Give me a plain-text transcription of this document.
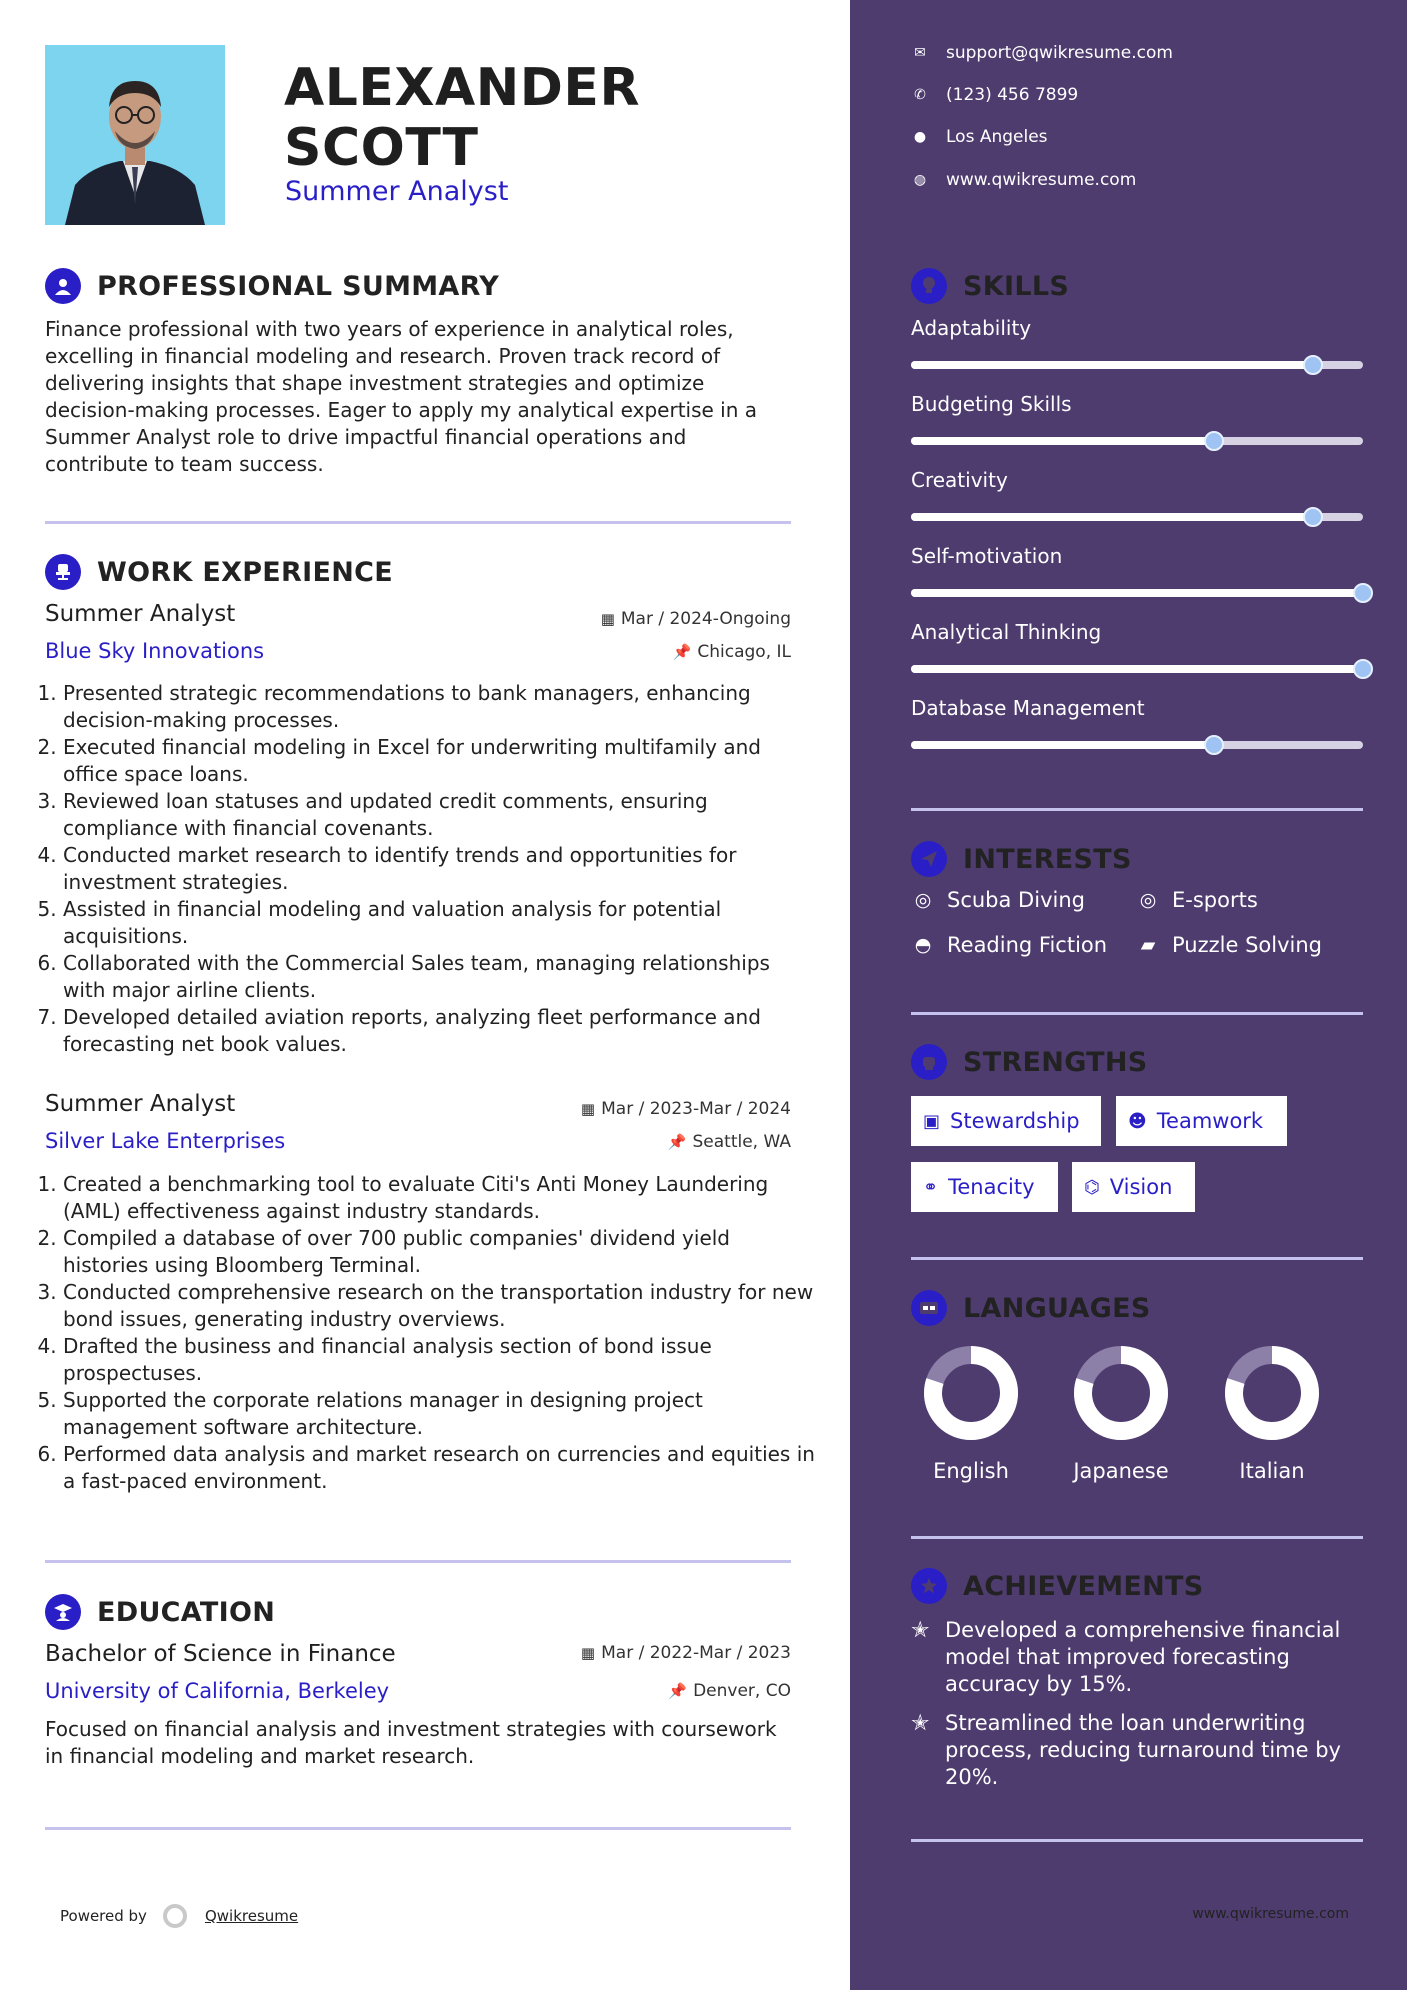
ALEXANDER
SCOTT
Summer Analyst
PROFESSIONAL SUMMARY
Finance professional with two years of experience in analytical roles, excelling in financial modeling and research. Proven track record of delivering insights that shape investment strategies and optimize decision-making processes. Eager to apply my analytical expertise in a Summer Analyst role to drive impactful financial operations and contribute to team success.
WORK EXPERIENCE
Summer Analyst	▦ Mar / 2024-Ongoing
Blue Sky Innovations	📌 Chicago, IL
1. Presented strategic recommendations to bank managers, enhancing decision-making processes.
2. Executed financial modeling in Excel for underwriting multifamily and office space loans.
3. Reviewed loan statuses and updated credit comments, ensuring compliance with financial covenants.
4. Conducted market research to identify trends and opportunities for investment strategies.
5. Assisted in financial modeling and valuation analysis for potential acquisitions.
6. Collaborated with the Commercial Sales team, managing relationships with major airline clients.
7. Developed detailed aviation reports, analyzing fleet performance and forecasting net book values.
Summer Analyst	▦ Mar / 2023-Mar / 2024
Silver Lake Enterprises	📌 Seattle, WA
1. Created a benchmarking tool to evaluate Citi's Anti Money Laundering (AML) effectiveness against industry standards.
2. Compiled a database of over 700 public companies' dividend yield histories using Bloomberg Terminal.
3. Conducted comprehensive research on the transportation industry for new bond issues, generating industry overviews.
4. Drafted the business and financial analysis section of bond issue prospectuses.
5. Supported the corporate relations manager in designing project management software architecture.
6. Performed data analysis and market research on currencies and equities in a fast-paced environment.
EDUCATION
Bachelor of Science in Finance	▦ Mar / 2022-Mar / 2023
University of California, Berkeley	📌 Denver, CO
Focused on financial analysis and investment strategies with coursework in financial modeling and market research.
Powered by	Qwikresume
✉ support@qwikresume.com
✆ (123) 456 7899
● Los Angeles
◍ www.qwikresume.com
SKILLS
Adaptability
Budgeting Skills
Creativity
Self-motivation
Analytical Thinking
Database Management
INTERESTS
◎ Scuba Diving	◎ E-sports
◓ Reading Fiction ▰ Puzzle Solving
STRENGTHS
▣ Stewardship	☻ Teamwork
⚭ Tenacity	⌬ Vision
LANGUAGES
English	Japanese	Italian
ACHIEVEMENTS
✭ Developed a comprehensive financial model that improved forecasting accuracy by 15%.
✭ Streamlined the loan underwriting process, reducing turnaround time by 20%.
www.qwikresume.com
